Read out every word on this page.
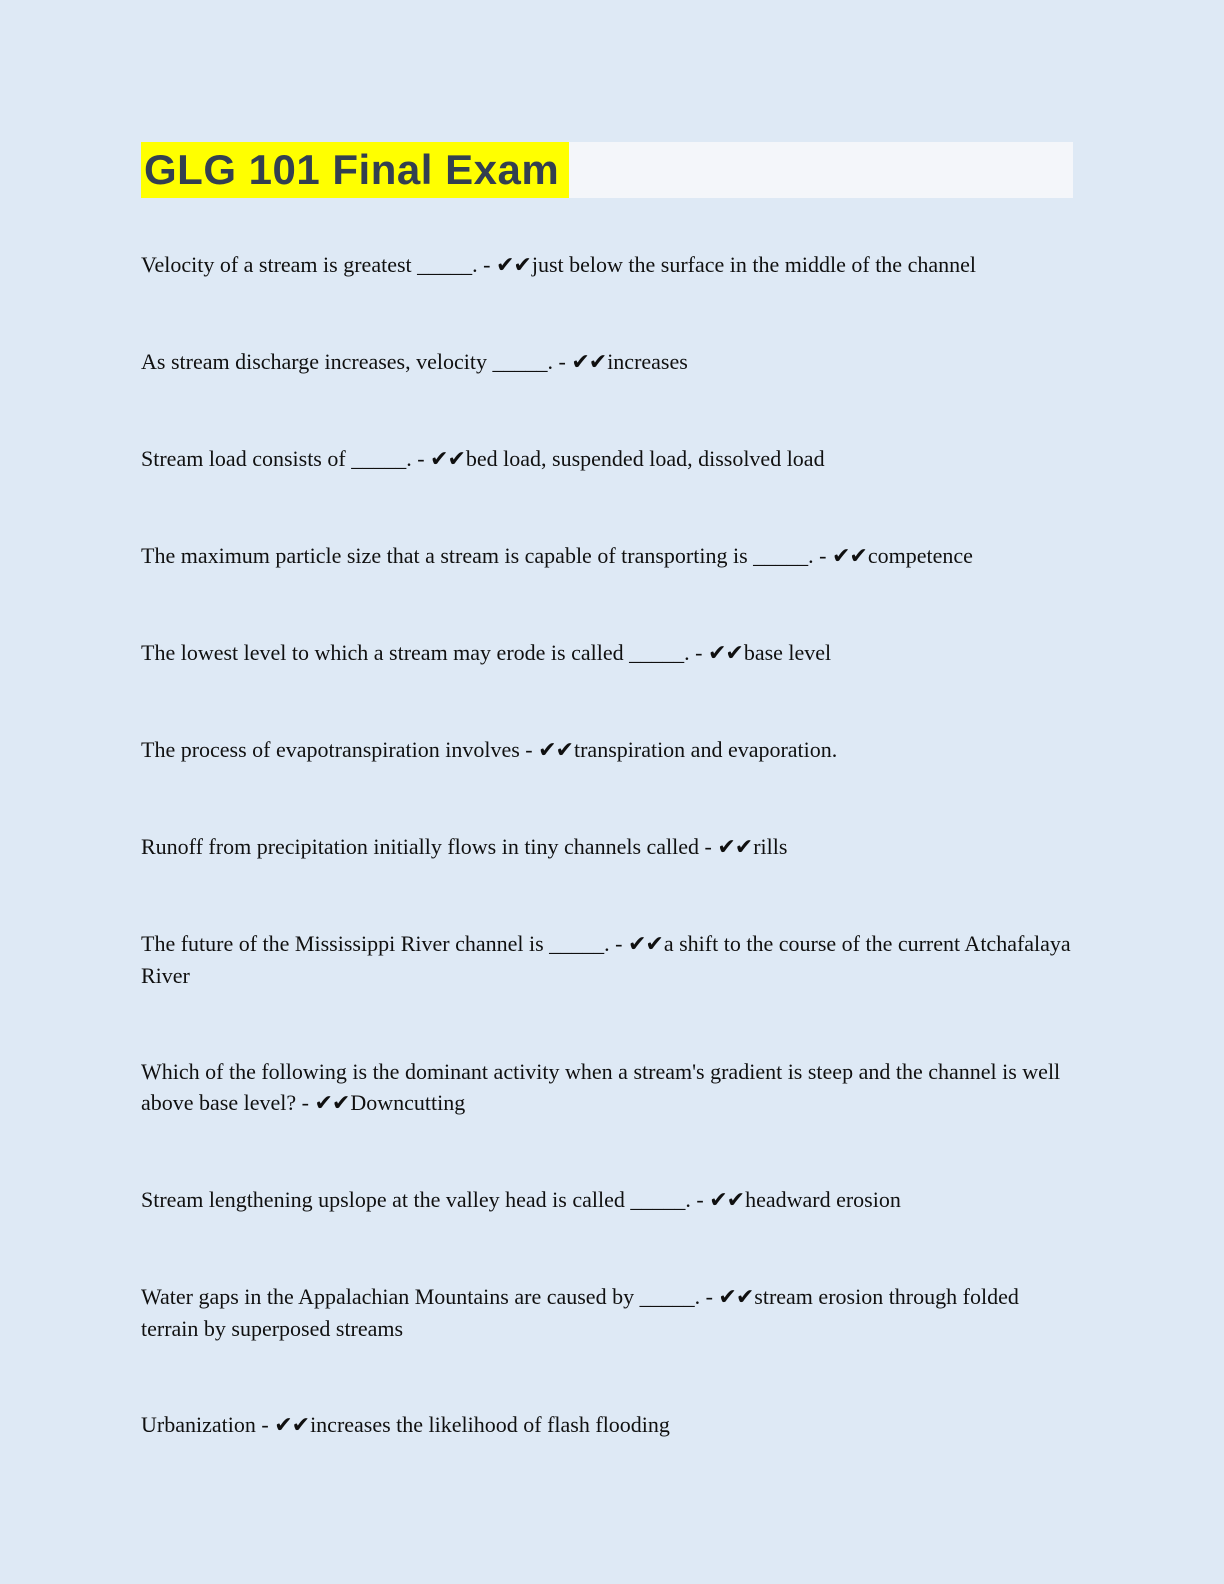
GLG 101 Final Exam

Velocity of a stream is greatest _____. - ✔✔just below the surface in the middle of the channel

As stream discharge increases, velocity _____. - ✔✔increases

Stream load consists of _____. - ✔✔bed load, suspended load, dissolved load

The maximum particle size that a stream is capable of transporting is _____. - ✔✔competence

The lowest level to which a stream may erode is called _____. - ✔✔base level

The process of evapotranspiration involves - ✔✔transpiration and evaporation.

Runoff from precipitation initially flows in tiny channels called - ✔✔rills

The future of the Mississippi River channel is _____. - ✔✔a shift to the course of the current Atchafalaya River

Which of the following is the dominant activity when a stream's gradient is steep and the channel is well above base level? - ✔✔Downcutting

Stream lengthening upslope at the valley head is called _____. - ✔✔headward erosion

Water gaps in the Appalachian Mountains are caused by _____. - ✔✔stream erosion through folded terrain by superposed streams

Urbanization - ✔✔increases the likelihood of flash flooding
